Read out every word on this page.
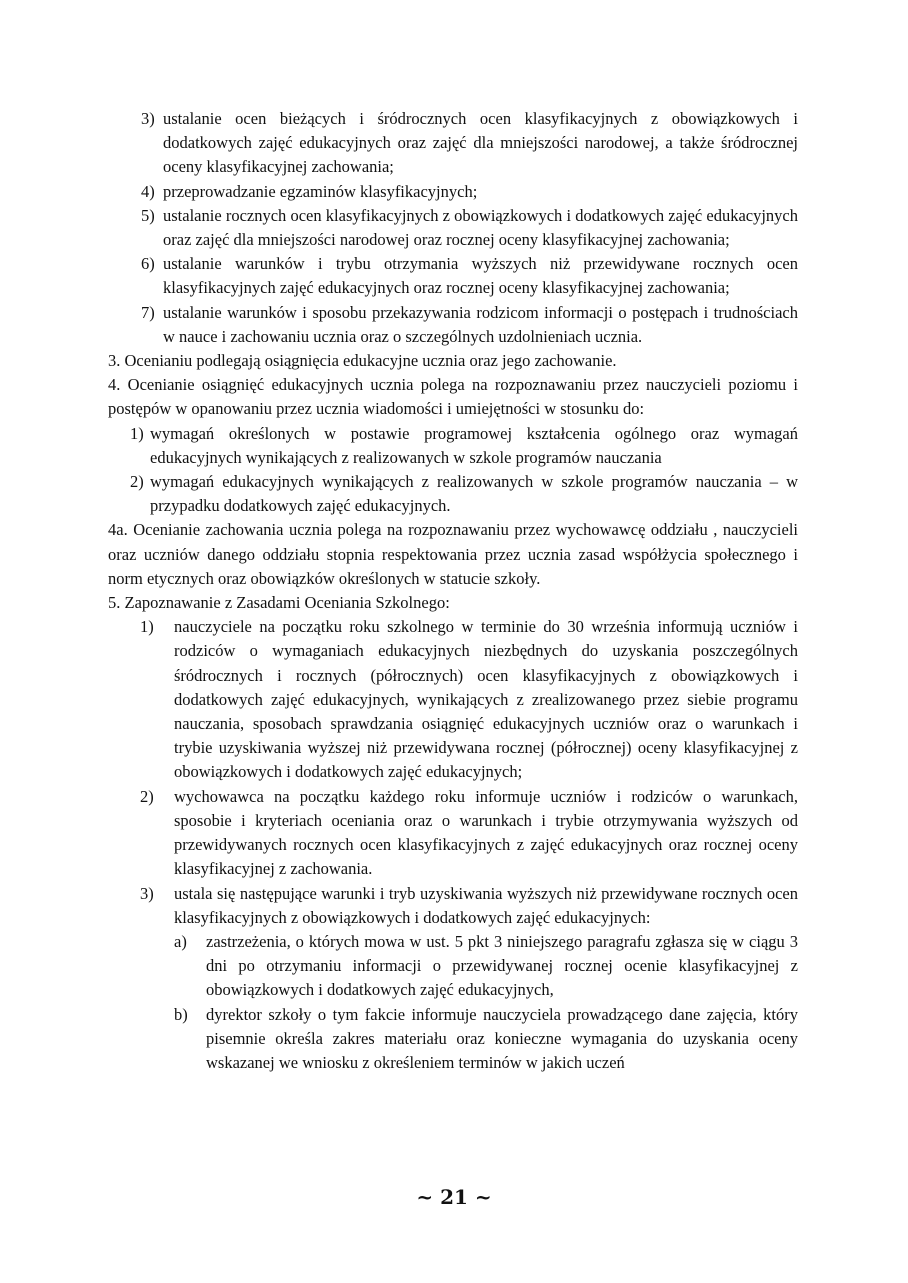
3) ustalanie ocen bieżących i śródrocznych ocen klasyfikacyjnych z obowiązkowych i dodatkowych zajęć edukacyjnych oraz zajęć dla mniejszości narodowej, a także śródrocznej oceny klasyfikacyjnej zachowania;
4) przeprowadzanie egzaminów klasyfikacyjnych;
5) ustalanie rocznych ocen klasyfikacyjnych z obowiązkowych i dodatkowych zajęć edukacyjnych oraz zajęć dla mniejszości narodowej oraz rocznej oceny klasyfikacyjnej zachowania;
6) ustalanie warunków i trybu otrzymania wyższych niż przewidywane rocznych ocen klasyfikacyjnych zajęć edukacyjnych oraz rocznej oceny klasyfikacyjnej zachowania;
7) ustalanie warunków i sposobu przekazywania rodzicom informacji o postępach i trudnościach w nauce i zachowaniu ucznia oraz o szczególnych uzdolnieniach ucznia.

3. Ocenianiu podlegają osiągnięcia edukacyjne ucznia oraz jego zachowanie.

4. Ocenianie osiągnięć edukacyjnych ucznia polega na rozpoznawaniu przez nauczycieli poziomu i postępów w opanowaniu przez ucznia wiadomości i umiejętności w stosunku do:

1) wymagań określonych w postawie programowej kształcenia ogólnego oraz wymagań edukacyjnych wynikających z realizowanych w szkole programów nauczania
2) wymagań edukacyjnych wynikających z realizowanych w szkole programów nauczania – w przypadku dodatkowych zajęć edukacyjnych.

4a. Ocenianie zachowania ucznia polega na rozpoznawaniu przez wychowawcę oddziału , nauczycieli oraz uczniów danego oddziału stopnia respektowania przez ucznia zasad współżycia społecznego i norm etycznych oraz obowiązków określonych w statucie szkoły.

5. Zapoznawanie z Zasadami Oceniania Szkolnego:

1) nauczyciele na początku roku szkolnego w terminie do 30 września informują uczniów i rodziców o wymaganiach edukacyjnych niezbędnych do uzyskania poszczególnych śródrocznych i rocznych (półrocznych) ocen klasyfikacyjnych z obowiązkowych i dodatkowych zajęć edukacyjnych, wynikających z zrealizowanego przez siebie programu nauczania, sposobach sprawdzania osiągnięć edukacyjnych uczniów oraz o warunkach i trybie uzyskiwania wyższej niż przewidywana rocznej (półrocznej) oceny klasyfikacyjnej z obowiązkowych i dodatkowych zajęć edukacyjnych;
2) wychowawca na początku każdego roku informuje uczniów i rodziców o warunkach, sposobie i kryteriach oceniania oraz o warunkach i trybie otrzymywania wyższych od przewidywanych rocznych ocen klasyfikacyjnych z zajęć edukacyjnych oraz rocznej oceny klasyfikacyjnej z zachowania.
3) ustala się następujące warunki i tryb uzyskiwania wyższych niż przewidywane rocznych ocen klasyfikacyjnych z obowiązkowych i dodatkowych zajęć edukacyjnych:
a) zastrzeżenia, o których mowa w ust. 5 pkt 3 niniejszego paragrafu zgłasza się w ciągu 3 dni po otrzymaniu informacji o przewidywanej rocznej ocenie klasyfikacyjnej z obowiązkowych i dodatkowych zajęć edukacyjnych,
b) dyrektor szkoły o tym fakcie informuje nauczyciela prowadzącego dane zajęcia, który pisemnie określa zakres materiału oraz konieczne wymagania do uzyskania oceny wskazanej we wniosku z określeniem terminów w jakich uczeń
~ 21 ~
